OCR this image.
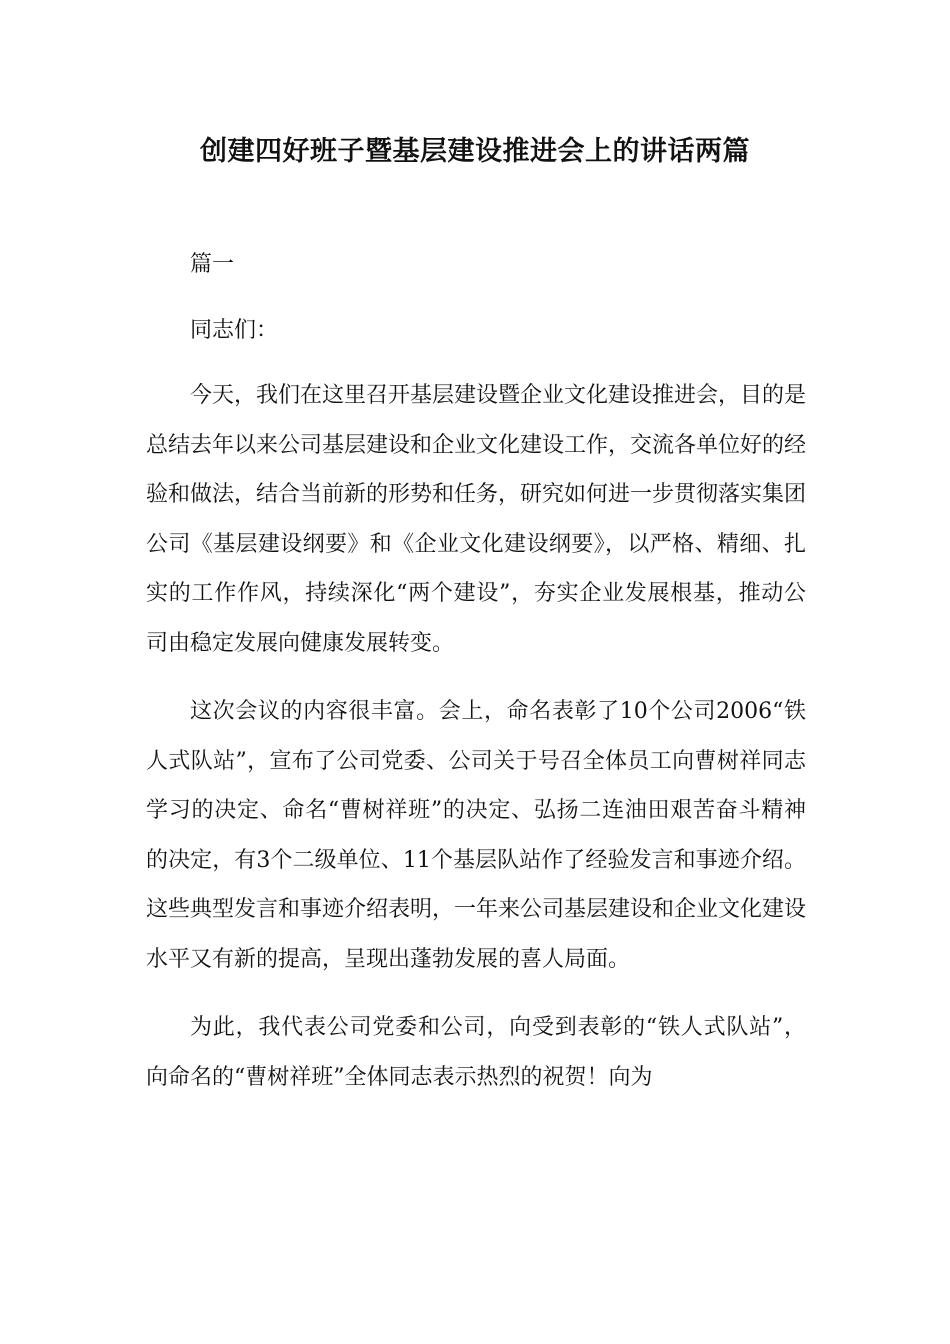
创建四好班子暨基层建设推进会上的讲话两篇

篇一

同志们：

今天，我们在这里召开基层建设暨企业文化建设推进会，目的是总结去年以来公司基层建设和企业文化建设工作，交流各单位好的经验和做法，结合当前新的形势和任务，研究如何进一步贯彻落实集团公司《基层建设纲要》和《企业文化建设纲要》，以严格、精细、扎实的工作作风，持续深化“两个建设”，夯实企业发展根基，推动公司由稳定发展向健康发展转变。

这次会议的内容很丰富。会上，命名表彰了10个公司2006“铁人式队站”，宣布了公司党委、公司关于号召全体员工向曹树祥同志学习的决定、命名“曹树祥班”的决定、弘扬二连油田艰苦奋斗精神的决定，有3个二级单位、11个基层队站作了经验发言和事迹介绍。这些典型发言和事迹介绍表明，一年来公司基层建设和企业文化建设水平又有新的提高，呈现出蓬勃发展的喜人局面。

为此，我代表公司党委和公司，向受到表彰的“铁人式队站”，向命名的“曹树祥班”全体同志表示热烈的祝贺！向为
